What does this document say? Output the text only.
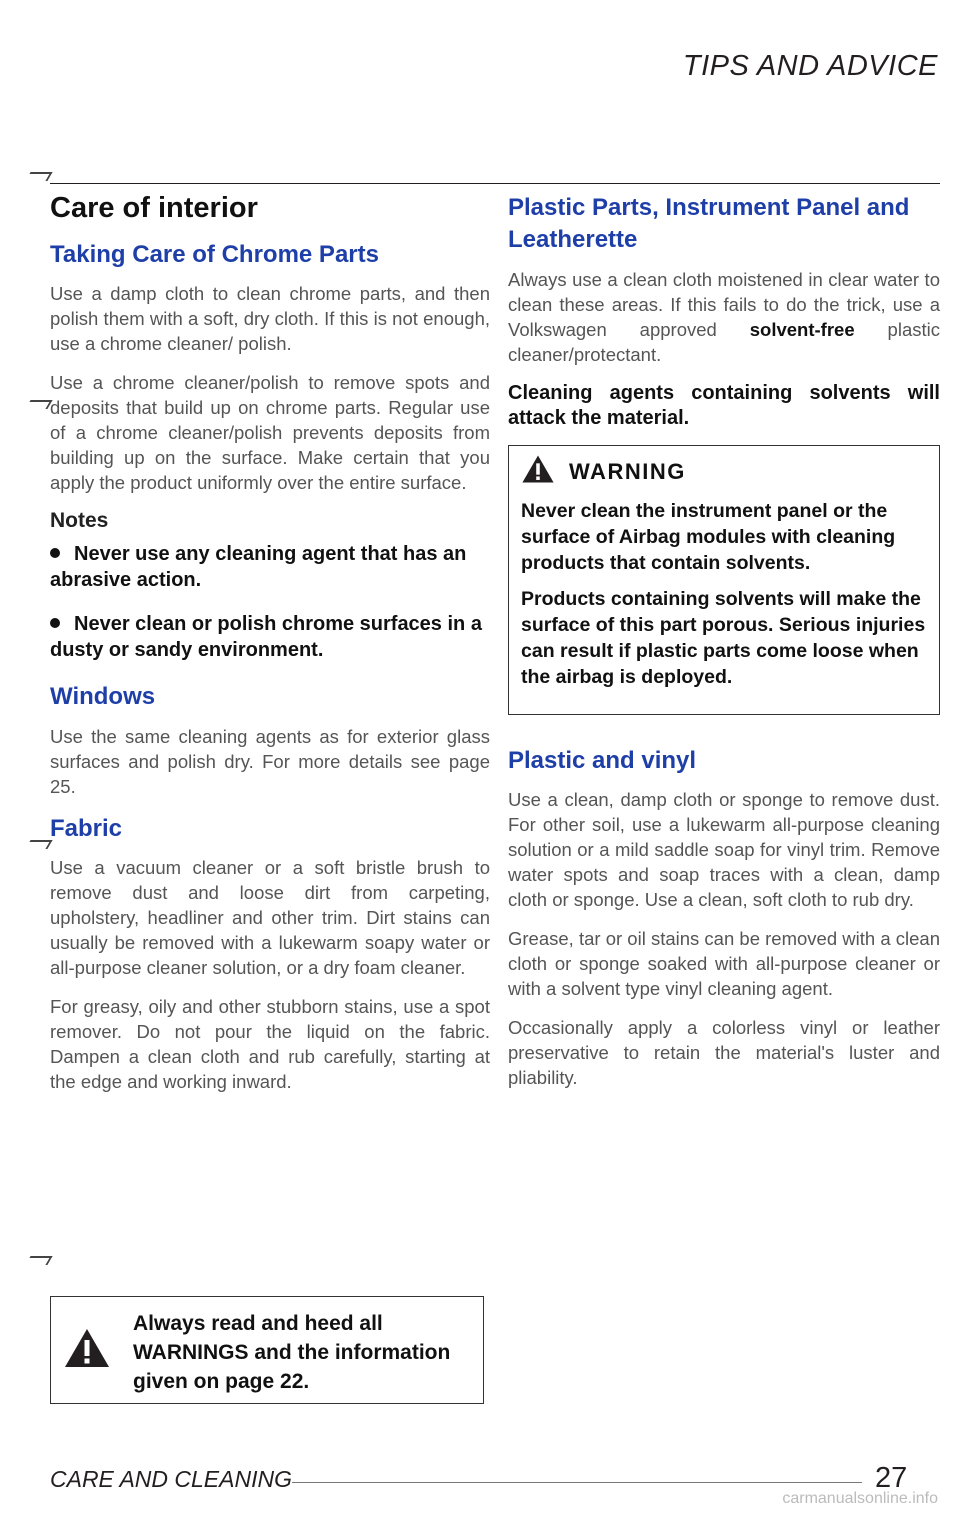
TIPS AND ADVICE
Care of interior
Taking Care of Chrome Parts

Use a damp cloth to clean chrome parts, and then polish them with a soft, dry cloth. If this is not enough, use a chrome cleaner/ polish.

Use a chrome cleaner/polish to remove spots and deposits that build up on chrome parts. Regular use of a chrome cleaner/polish prevents deposits from building up on the surface. Make certain that you apply the product uniformly over the entire surface.

Notes
Never use any cleaning agent that has an abrasive action.
Never clean or polish chrome surfaces in a dusty or sandy environment.
Windows

Use the same cleaning agents as for exterior glass surfaces and polish dry. For more details see page 25.

Fabric

Use a vacuum cleaner or a soft bristle brush to remove dust and loose dirt from carpeting, upholstery, headliner and other trim. Dirt stains can usually be removed with a lukewarm soapy water or all-purpose cleaner solution, or a dry foam cleaner.

For greasy, oily and other stubborn stains, use a spot remover. Do not pour the liquid on the fabric. Dampen a clean cloth and rub carefully, starting at the edge and working inward.

Always read and heed all WARNINGS and the information given on page 22.
Plastic Parts, Instrument Panel and Leatherette

Always use a clean cloth moistened in clear water to clean these areas. If this fails to do the trick, use a Volkswagen approved solvent-free plastic cleaner/protectant.

Cleaning agents containing solvents will attack the material.

WARNING

Never clean the instrument panel or the surface of Airbag modules with cleaning products that contain solvents.

Products containing solvents will make the surface of this part porous. Serious injuries can result if plastic parts come loose when the airbag is deployed.

Plastic and vinyl

Use a clean, damp cloth or sponge to remove dust. For other soil, use a lukewarm all-purpose cleaning solution or a mild saddle soap for vinyl trim. Remove water spots and soap traces with a clean, damp cloth or sponge. Use a clean, soft cloth to rub dry.

Grease, tar or oil stains can be removed with a clean cloth or sponge soaked with all-purpose cleaner or with a solvent type vinyl cleaning agent.

Occasionally apply a colorless vinyl or leather preservative to retain the material's luster and pliability.

CARE AND CLEANING	27
carmanualsonline.info
